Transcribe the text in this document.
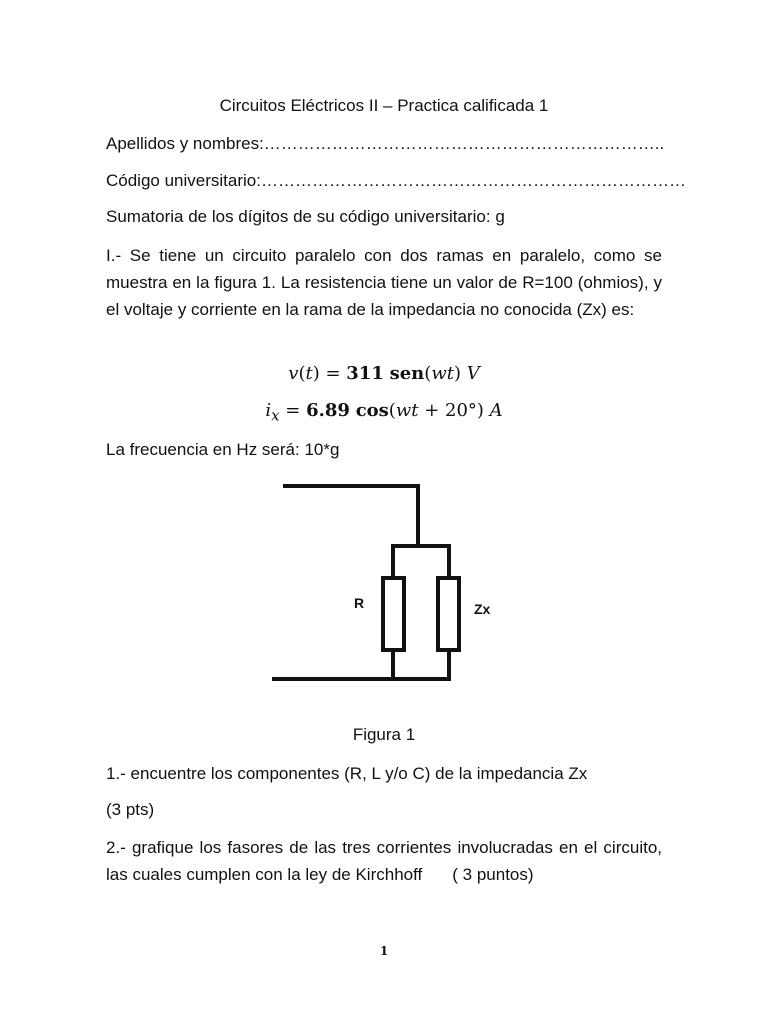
Circuitos Eléctricos II – Practica calificada 1
Apellidos y nombres:……………………………………………………………..
Código universitario:…………………………………………………………………
Sumatoria de los dígitos de su código universitario: g
I.- Se tiene un circuito paralelo con dos ramas en paralelo, como se muestra en la figura 1. La resistencia tiene un valor de R=100 (ohmios), y el voltaje y corriente en la rama de la impedancia no conocida (Zx) es:
v(t) = 311 sen(wt) V
$i_x = 6.89$ cos(wt + 20°) A
La frecuencia en Hz será: 10*g
R	Zx
Figura 1
1.- encuentre los componentes (R, L y/o C) de la impedancia Zx
(3 pts)
2.- grafique los fasores de las tres corrientes involucradas en el circuito, las cuales cumplen con la ley de Kirchhoff ( 3 puntos)
1
